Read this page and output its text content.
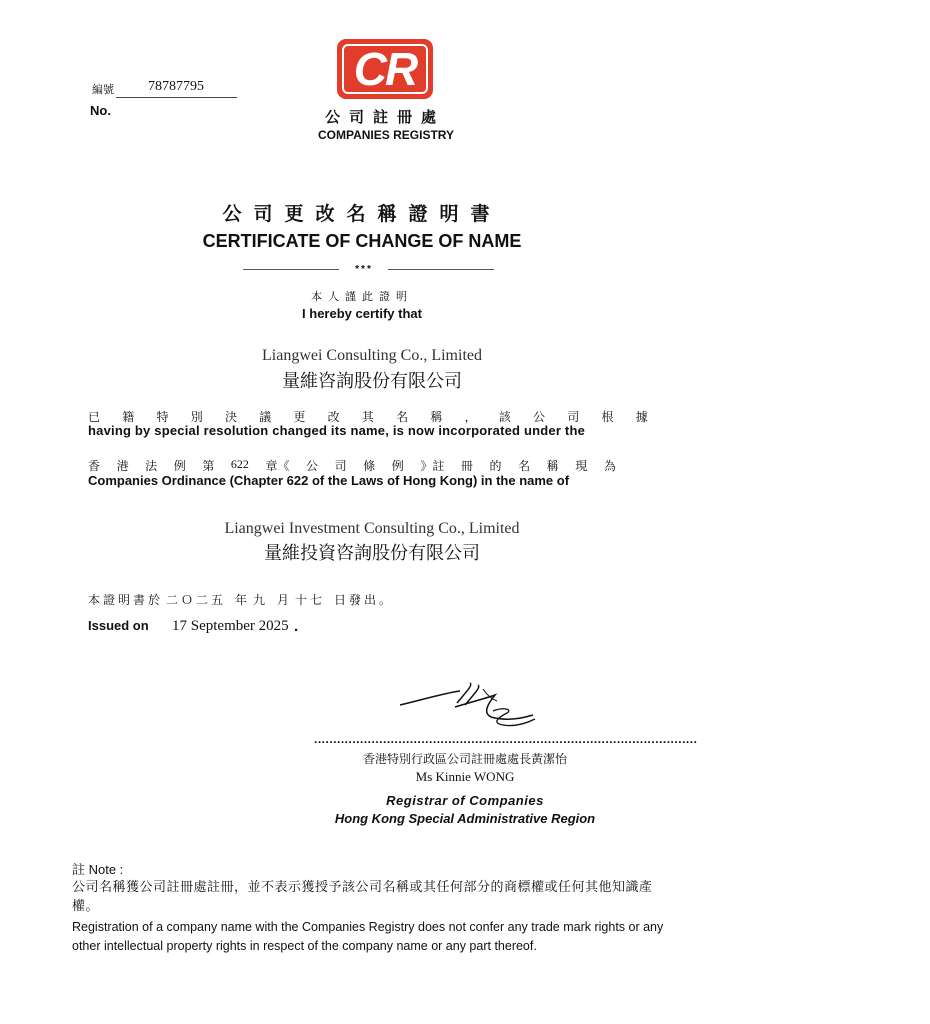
編號 78787795
No.
CR
公司註冊處
COMPANIES REGISTRY
公司更改名稱證明書
CERTIFICATE OF CHANGE OF NAME
***
本人謹此證明
I hereby certify that
Liangwei Consulting Co., Limited
量維咨詢股份有限公司
已 籍 特 別 決 議 更 改 其 名 稱 ， 該 公 司 根 據
having by special resolution changed its name, is now incorporated under the
香 港 法 例 第 622 章《 公 司 條 例 》註 冊 的 名 稱 現 為
Companies Ordinance (Chapter 622 of the Laws of Hong Kong) in the name of
Liangwei Investment Consulting Co., Limited
量維投資咨詢股份有限公司
本 證 明 書 於  二 Ｏ 二 五    年  九    月  十 七    日 發 出 。
Issued on 17 September 2025 .
....................................................................................................
香港特別行政區公司註冊處處長黃潔怡
Ms Kinnie WONG
Registrar of Companies
Hong Kong Special Administrative Region
註 Note :
公司名稱獲公司註冊處註冊，並不表示獲授予該公司名稱或其任何部分的商標權或任何其他知識產權。
Registration of a company name with the Companies Registry does not confer any trade mark rights or any other intellectual property rights in respect of the company name or any part thereof.
